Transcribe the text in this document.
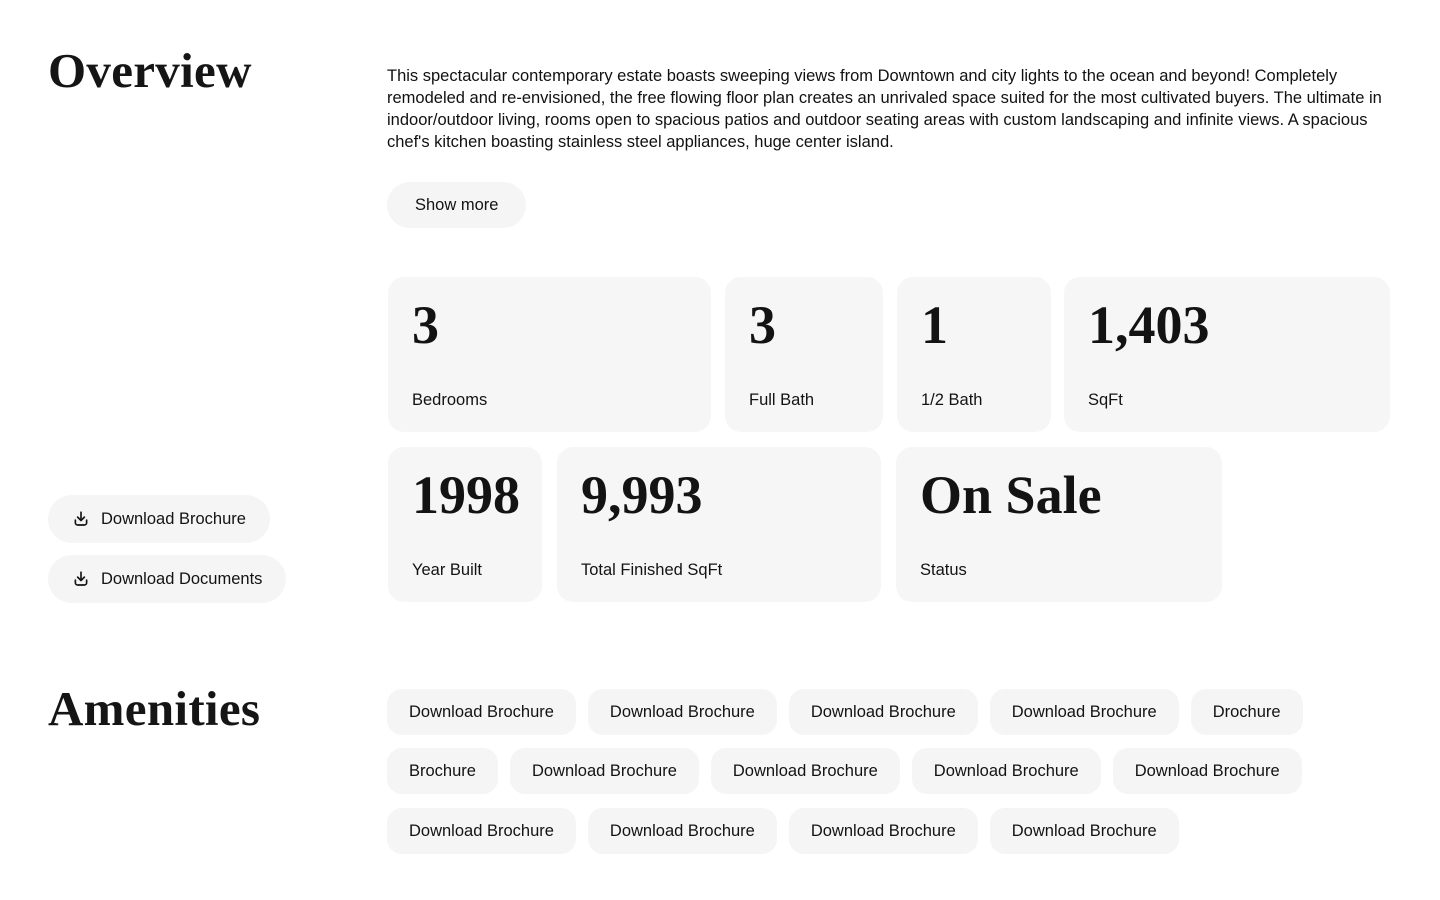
Overview	This spectacular contemporary estate boasts sweeping views from Downtown and city lights to the ocean and beyond! Completely remodeled and re-envisioned, the free flowing floor plan creates an unrivaled space suited for the most cultivated buyers. The ultimate in indoor/outdoor living, rooms open to spacious patios and outdoor seating areas with custom landscaping and infinite views. A spacious chef's kitchen boasting stainless steel appliances, huge center island.

Show more
3
Bedrooms
3
Full Bath
1
1/2 Bath
1,403
SqFt
1998
Year Built
9,993
Total Finished SqFt
On Sale
Status
Download Brochure
Download Documents
Amenities	Download Brochure	Download Brochure	Download Brochure	Download Brochure	Drochure
Brochure	Download Brochure	Download Brochure	Download Brochure	Download Brochure
Download Brochure	Download Brochure	Download Brochure	Download Brochure
